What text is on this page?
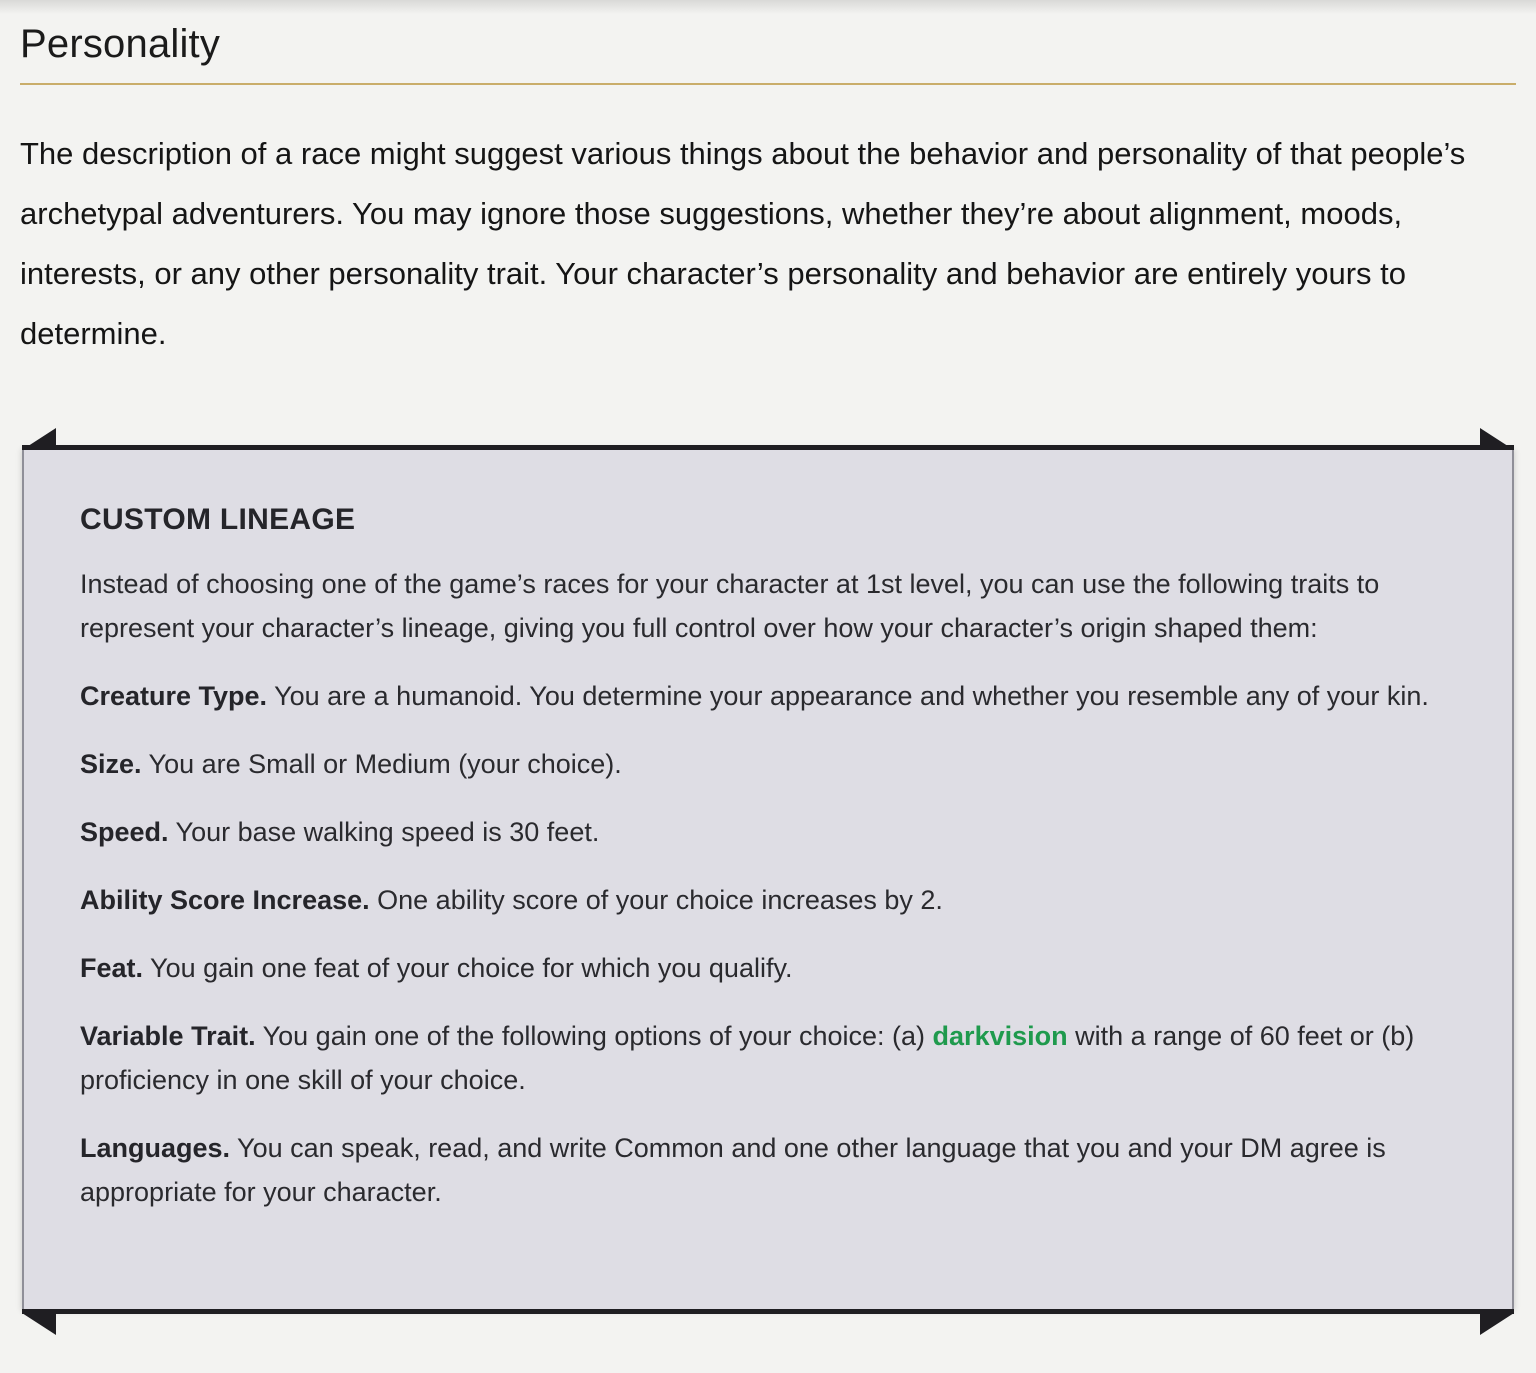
Personality

The description of a race might suggest various things about the behavior and personality of that people’s archetypal adventurers. You may ignore those suggestions, whether they’re about alignment, moods, interests, or any other personality trait. Your character’s personality and behavior are entirely yours to determine.

CUSTOM LINEAGE

Instead of choosing one of the game’s races for your character at 1st level, you can use the following traits to represent your character’s lineage, giving you full control over how your character’s origin shaped them:

Creature Type. You are a humanoid. You determine your appearance and whether you resemble any of your kin.

Size. You are Small or Medium (your choice).

Speed. Your base walking speed is 30 feet.

Ability Score Increase. One ability score of your choice increases by 2.

Feat. You gain one feat of your choice for which you qualify.

Variable Trait. You gain one of the following options of your choice: (a) darkvision with a range of 60 feet or (b) proficiency in one skill of your choice.

Languages. You can speak, read, and write Common and one other language that you and your DM agree is appropriate for your character.
